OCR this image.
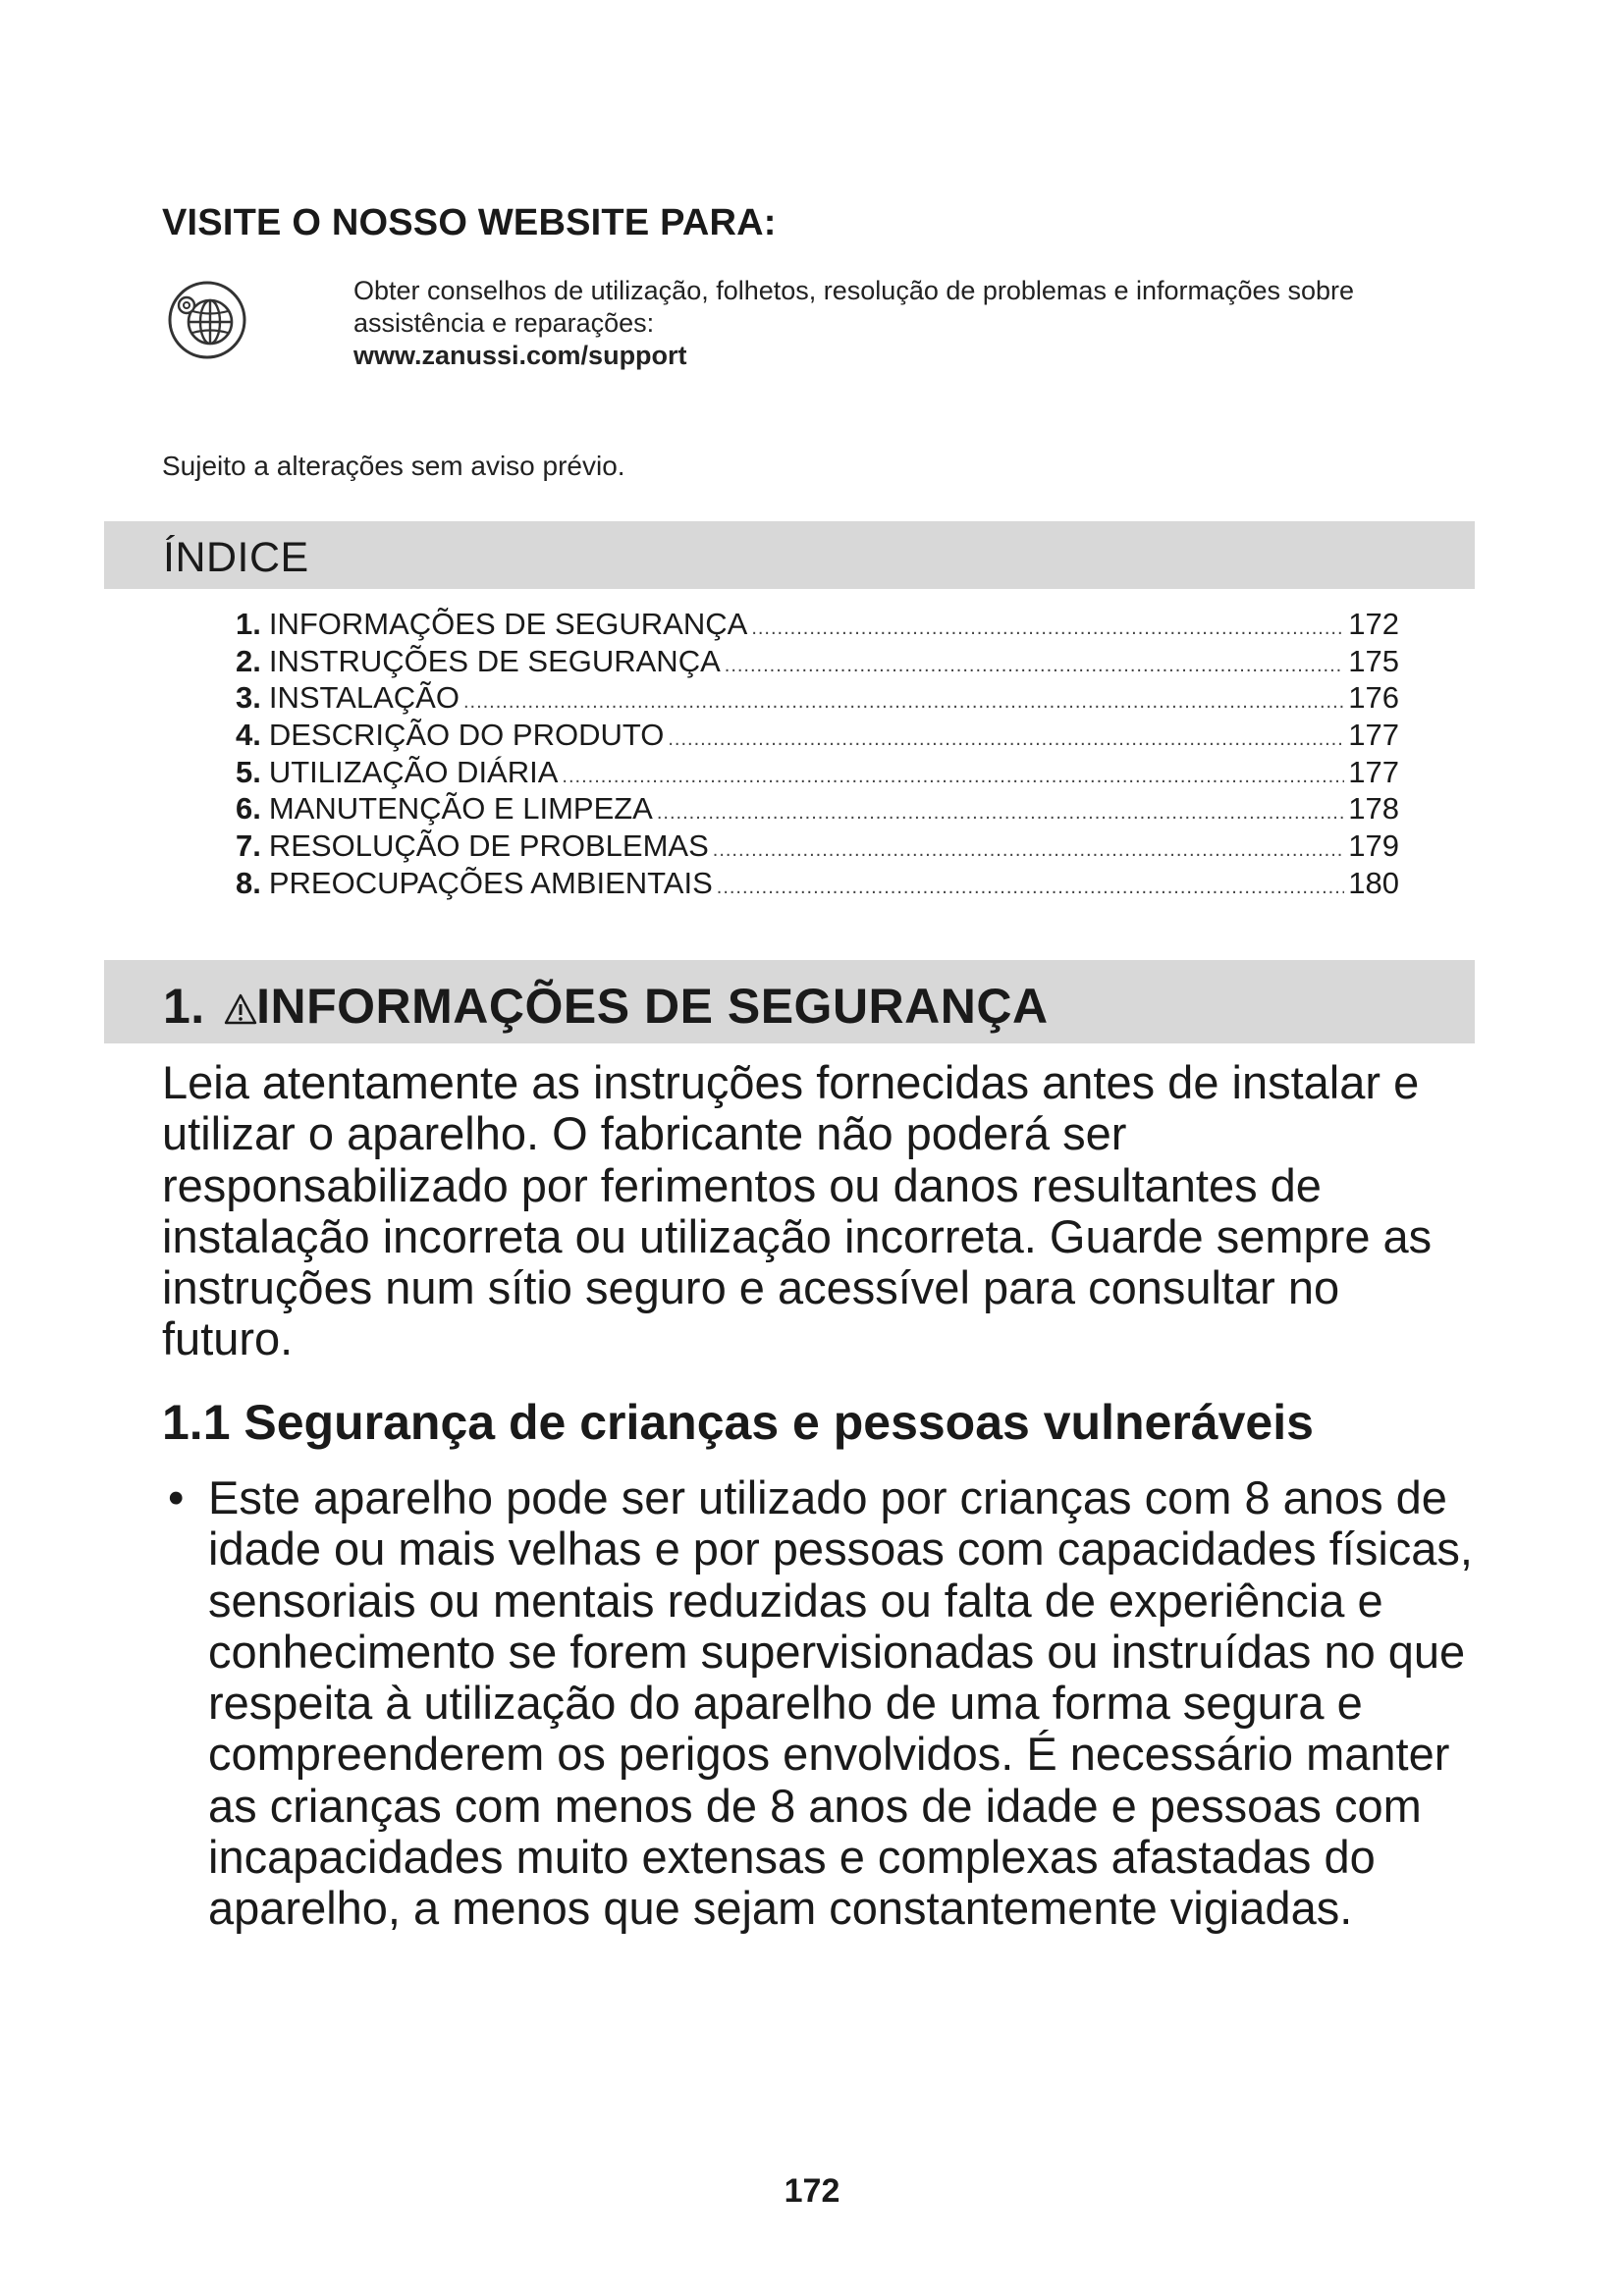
VISITE O NOSSO WEBSITE PARA:
Obter conselhos de utilização, folhetos, resolução de problemas e informações sobre assistência e reparações:
www.zanussi.com/support
Sujeito a alterações sem aviso prévio.
ÍNDICE
1. INFORMAÇÕES DE SEGURANÇA .....	172
2. INSTRUÇÕES DE SEGURANÇA .....	175
3. INSTALAÇÃO .....	176
4. DESCRIÇÃO DO PRODUTO .....	177
5. UTILIZAÇÃO DIÁRIA .....	177
6. MANUTENÇÃO E LIMPEZA .....	178
7. RESOLUÇÃO DE PROBLEMAS .....	179
8. PREOCUPAÇÕES AMBIENTAIS .....	180
1. INFORMAÇÕES DE SEGURANÇA

Leia atentamente as instruções fornecidas antes de instalar e utilizar o aparelho. O fabricante não poderá ser responsabilizado por ferimentos ou danos resultantes de instalação incorreta ou utilização incorreta. Guarde sempre as instruções num sítio seguro e acessível para consultar no futuro.

1.1 Segurança de crianças e pessoas vulneráveis
• Este aparelho pode ser utilizado por crianças com 8 anos de idade ou mais velhas e por pessoas com capacidades físicas, sensoriais ou mentais reduzidas ou falta de experiência e conhecimento se forem supervisionadas ou instruídas no que respeita à utilização do aparelho de uma forma segura e compreenderem os perigos envolvidos. É necessário manter as crianças com menos de 8 anos de idade e pessoas com incapacidades muito extensas e complexas afastadas do aparelho, a menos que sejam constantemente vigiadas.
172
